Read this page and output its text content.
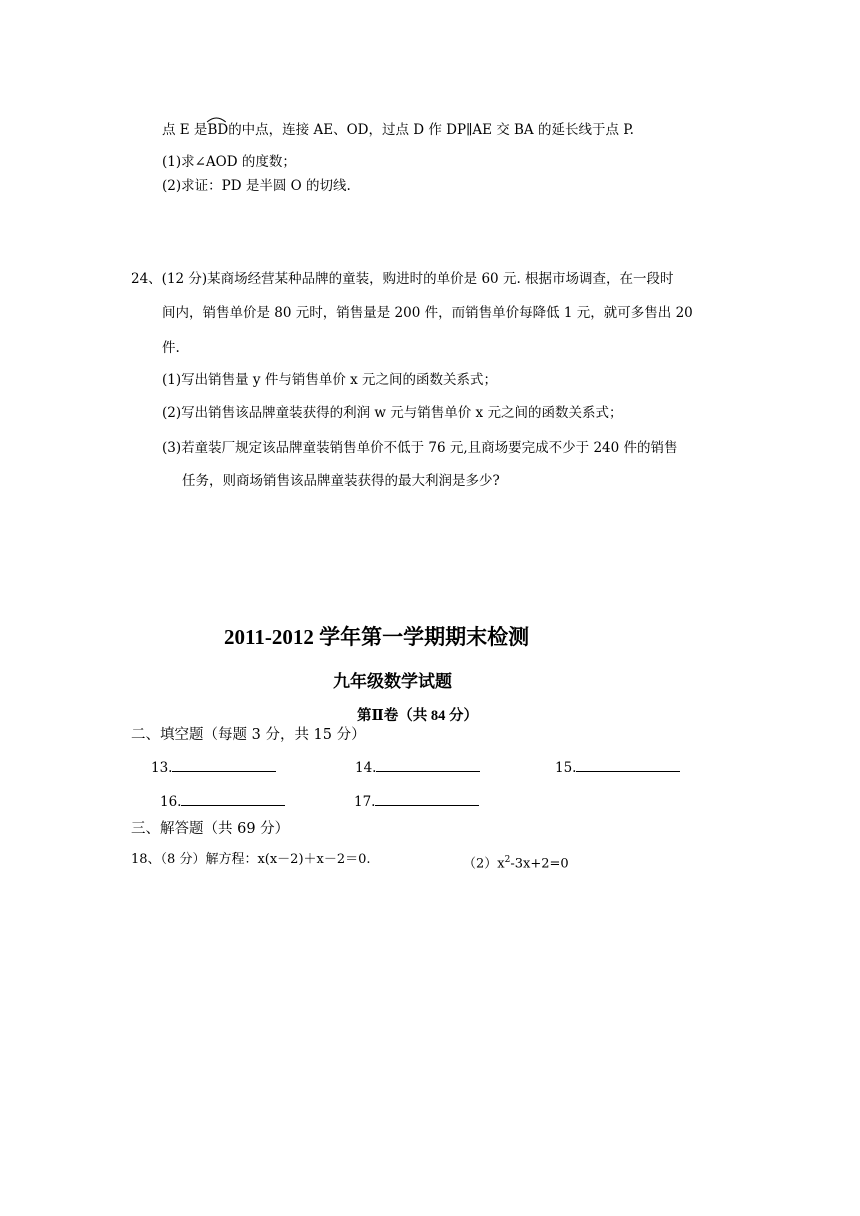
点 E 是
BD的中点，连接 AE、OD，过点 D 作 DP∥AE 交 BA 的延长线于点 P.
(1)求∠AOD 的度数；
(2)求证：PD 是半圆 O 的切线.
24、(12 分)某商场经营某种品牌的童装，购进时的单价是 60 元. 根据市场调查，在一段时
间内，销售单价是 80 元时，销售量是 200 件，而销售单价每降低 1 元，就可多售出 20
件.
(1)写出销售量 y 件与销售单价 x 元之间的函数关系式；
(2)写出销售该品牌童装获得的利润 w 元与销售单价 x 元之间的函数关系式；
(3)若童装厂规定该品牌童装销售单价不低于 76 元,且商场要完成不少于 240 件的销售
任务，则商场销售该品牌童装获得的最大利润是多少?
2011-2012 学年第一学期期末检测
九年级数学试题
第Ⅱ卷（共 84 分）
二、填空题（每题 3 分，共 15 分）
13.	14.	15.
16.	17.
三、解答题（共 69 分）
18、（8 分）解方程：x(x－2)＋x－2＝0.	$(2)x^2-3x+2=0$
